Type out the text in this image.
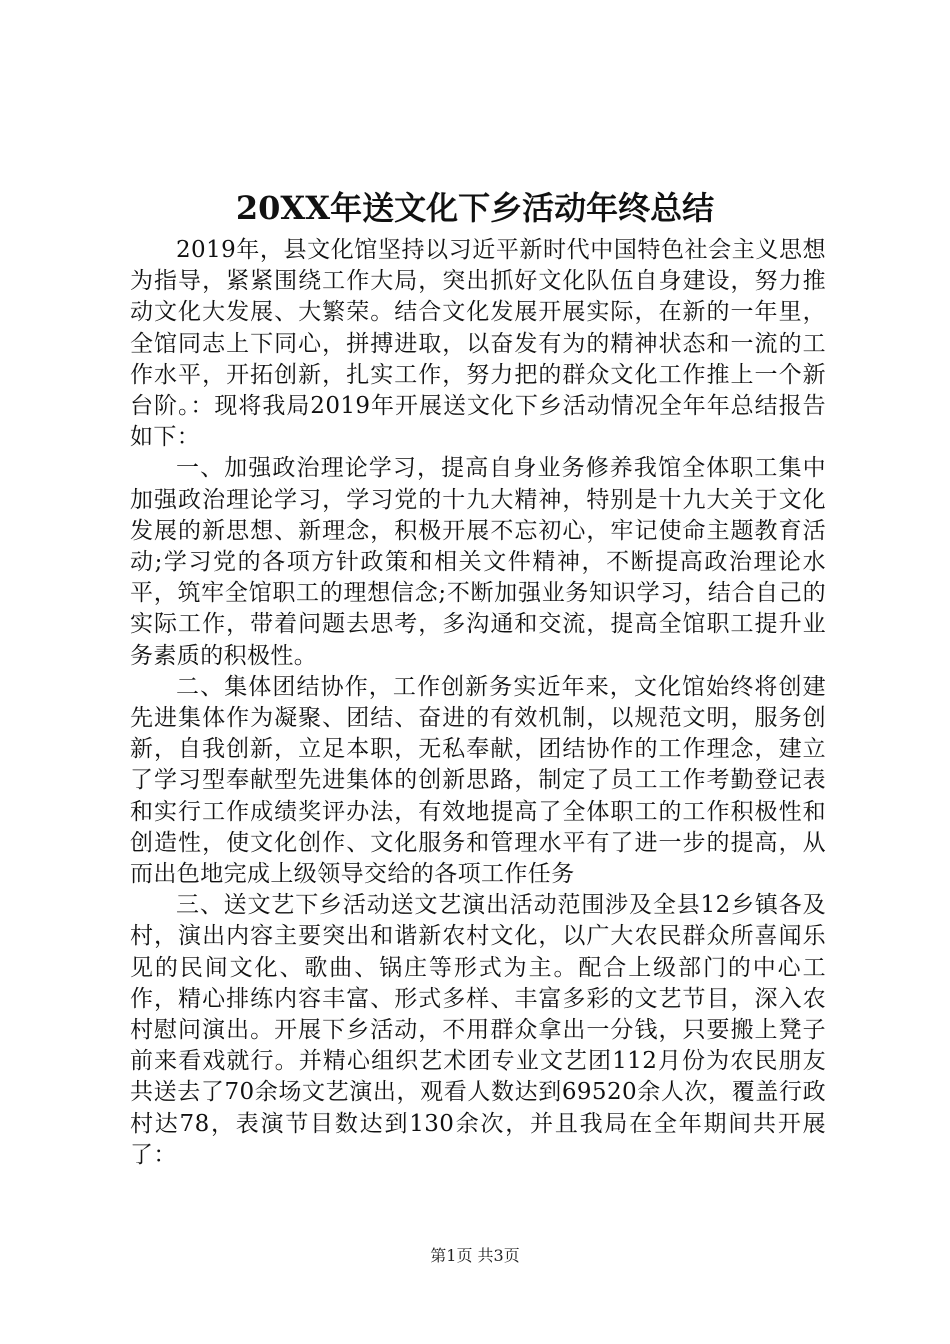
20XX年送文化下乡活动年终总结

2019年，县文化馆坚持以习近平新时代中国特色社会主义思想为指导，紧紧围绕工作大局，突出抓好文化队伍自身建设，努力推动文化大发展、大繁荣。结合文化发展开展实际，在新的一年里，全馆同志上下同心，拼搏进取，以奋发有为的精神状态和一流的工作水平，开拓创新，扎实工作，努力把的群众文化工作推上一个新台阶。：现将我局2019年开展送文化下乡活动情况全年年总结报告如下：

一、加强政治理论学习，提高自身业务修养我馆全体职工集中加强政治理论学习，学习党的十九大精神，特别是十九大关于文化发展的新思想、新理念，积极开展不忘初心，牢记使命主题教育活动;学习党的各项方针政策和相关文件精神，不断提高政治理论水平，筑牢全馆职工的理想信念;不断加强业务知识学习，结合自己的实际工作，带着问题去思考，多沟通和交流，提高全馆职工提升业务素质的积极性。

二、集体团结协作，工作创新务实近年来，文化馆始终将创建先进集体作为凝聚、团结、奋进的有效机制，以规范文明，服务创新，自我创新，立足本职，无私奉献，团结协作的工作理念，建立了学习型奉献型先进集体的创新思路，制定了员工工作考勤登记表和实行工作成绩奖评办法，有效地提高了全体职工的工作积极性和创造性，使文化创作、文化服务和管理水平有了进一步的提高，从而出色地完成上级领导交给的各项工作任务

三、送文艺下乡活动送文艺演出活动范围涉及全县12乡镇各及村，演出内容主要突出和谐新农村文化，以广大农民群众所喜闻乐见的民间文化、歌曲、锅庄等形式为主。配合上级部门的中心工作，精心排练内容丰富、形式多样、丰富多彩的文艺节目，深入农村慰问演出。开展下乡活动，不用群众拿出一分钱，只要搬上凳子前来看戏就行。并精心组织艺术团专业文艺团112月份为农民朋友共送去了70余场文艺演出，观看人数达到69520余人次，覆盖行政村达78，表演节目数达到130余次，并且我局在全年期间共开展了：

第1页 共3页
